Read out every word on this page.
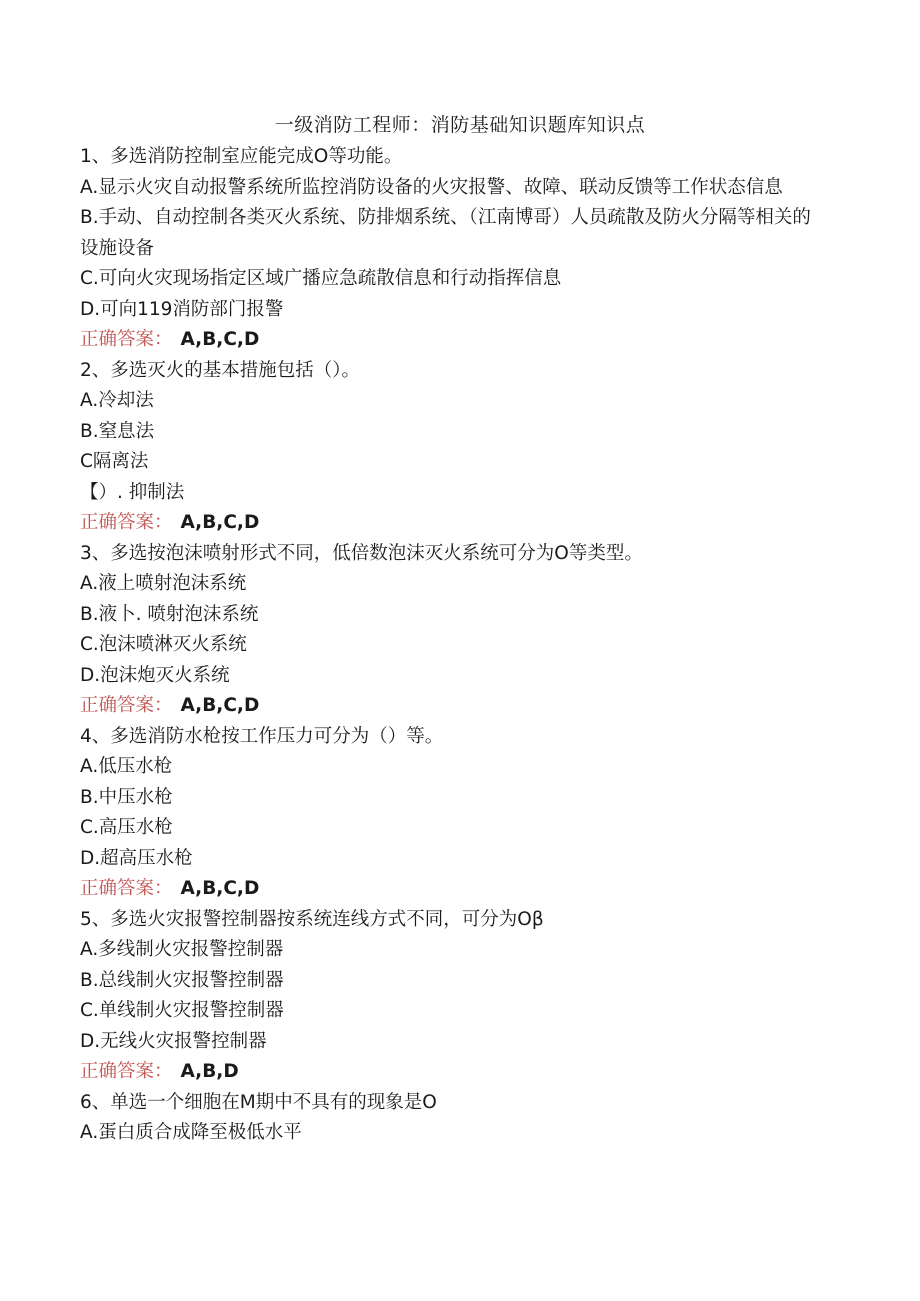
一级消防工程师：消防基础知识题库知识点
1、多选消防控制室应能完成O等功能。
A.显示火灾自动报警系统所监控消防设备的火灾报警、故障、联动反馈等工作状态信息
B.手动、自动控制各类灭火系统、防排烟系统、（江南博哥）人员疏散及防火分隔等相关的设施设备
C.可向火灾现场指定区域广播应急疏散信息和行动指挥信息
D.可向119消防部门报警
正确答案： A,B,C,D
2、多选灭火的基本措施包括（）。
A.冷却法
B.窒息法
C隔离法
【）. 抑制法
正确答案： A,B,C,D
3、多选按泡沫喷射形式不同，低倍数泡沫灭火系统可分为O等类型。
A.液上喷射泡沫系统
B.液卜. 喷射泡沫系统
C.泡沫喷淋灭火系统
D.泡沫炮灭火系统
正确答案： A,B,C,D
4、多选消防水枪按工作压力可分为（）等。
A.低压水枪
B.中压水枪
C.高压水枪
D.超高压水枪
正确答案： A,B,C,D
5、多选火灾报警控制器按系统连线方式不同，可分为Oβ
A.多线制火灾报警控制器
B.总线制火灾报警控制器
C.单线制火灾报警控制器
D.无线火灾报警控制器
正确答案： A,B,D
6、单选一个细胞在M期中不具有的现象是O
A.蛋白质合成降至极低水平
